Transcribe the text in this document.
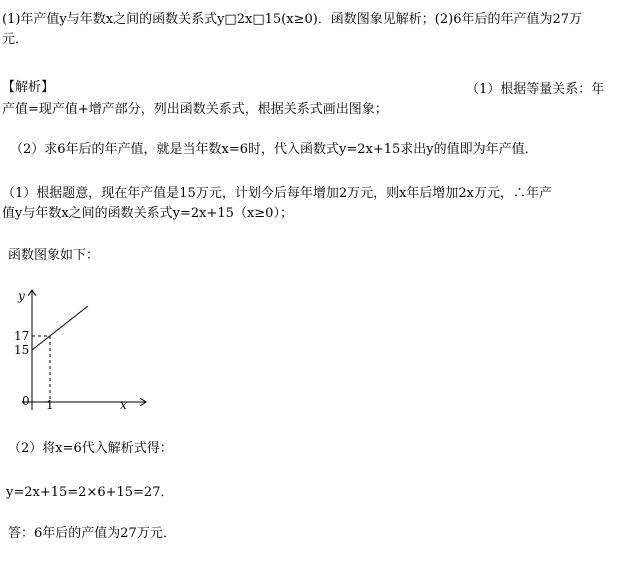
(1)年产值y与年数x之间的函数关系式y□2x□15(x≥0)．函数图象见解析；(2)6年后的年产值为27万
元．
【解析】	（1）根据等量关系：年
产值=现产值+增产部分，列出函数关系式，根据关系式画出图象；
（2）求6年后的年产值，就是当年数x=6时，代入函数式y=2x+15求出y的值即为年产值．
（1）根据题意，现在年产值是15万元，计划今后每年增加2万元，则x年后增加2x万元，∴年产
值y与年数x之间的函数关系式y=2x+15（x≥0）；
函数图象如下：
y
x
0 1
17
15
（2）将x=6代入解析式得：
y=2x+15=2×6+15=27．
答：6年后的产值为27万元．
